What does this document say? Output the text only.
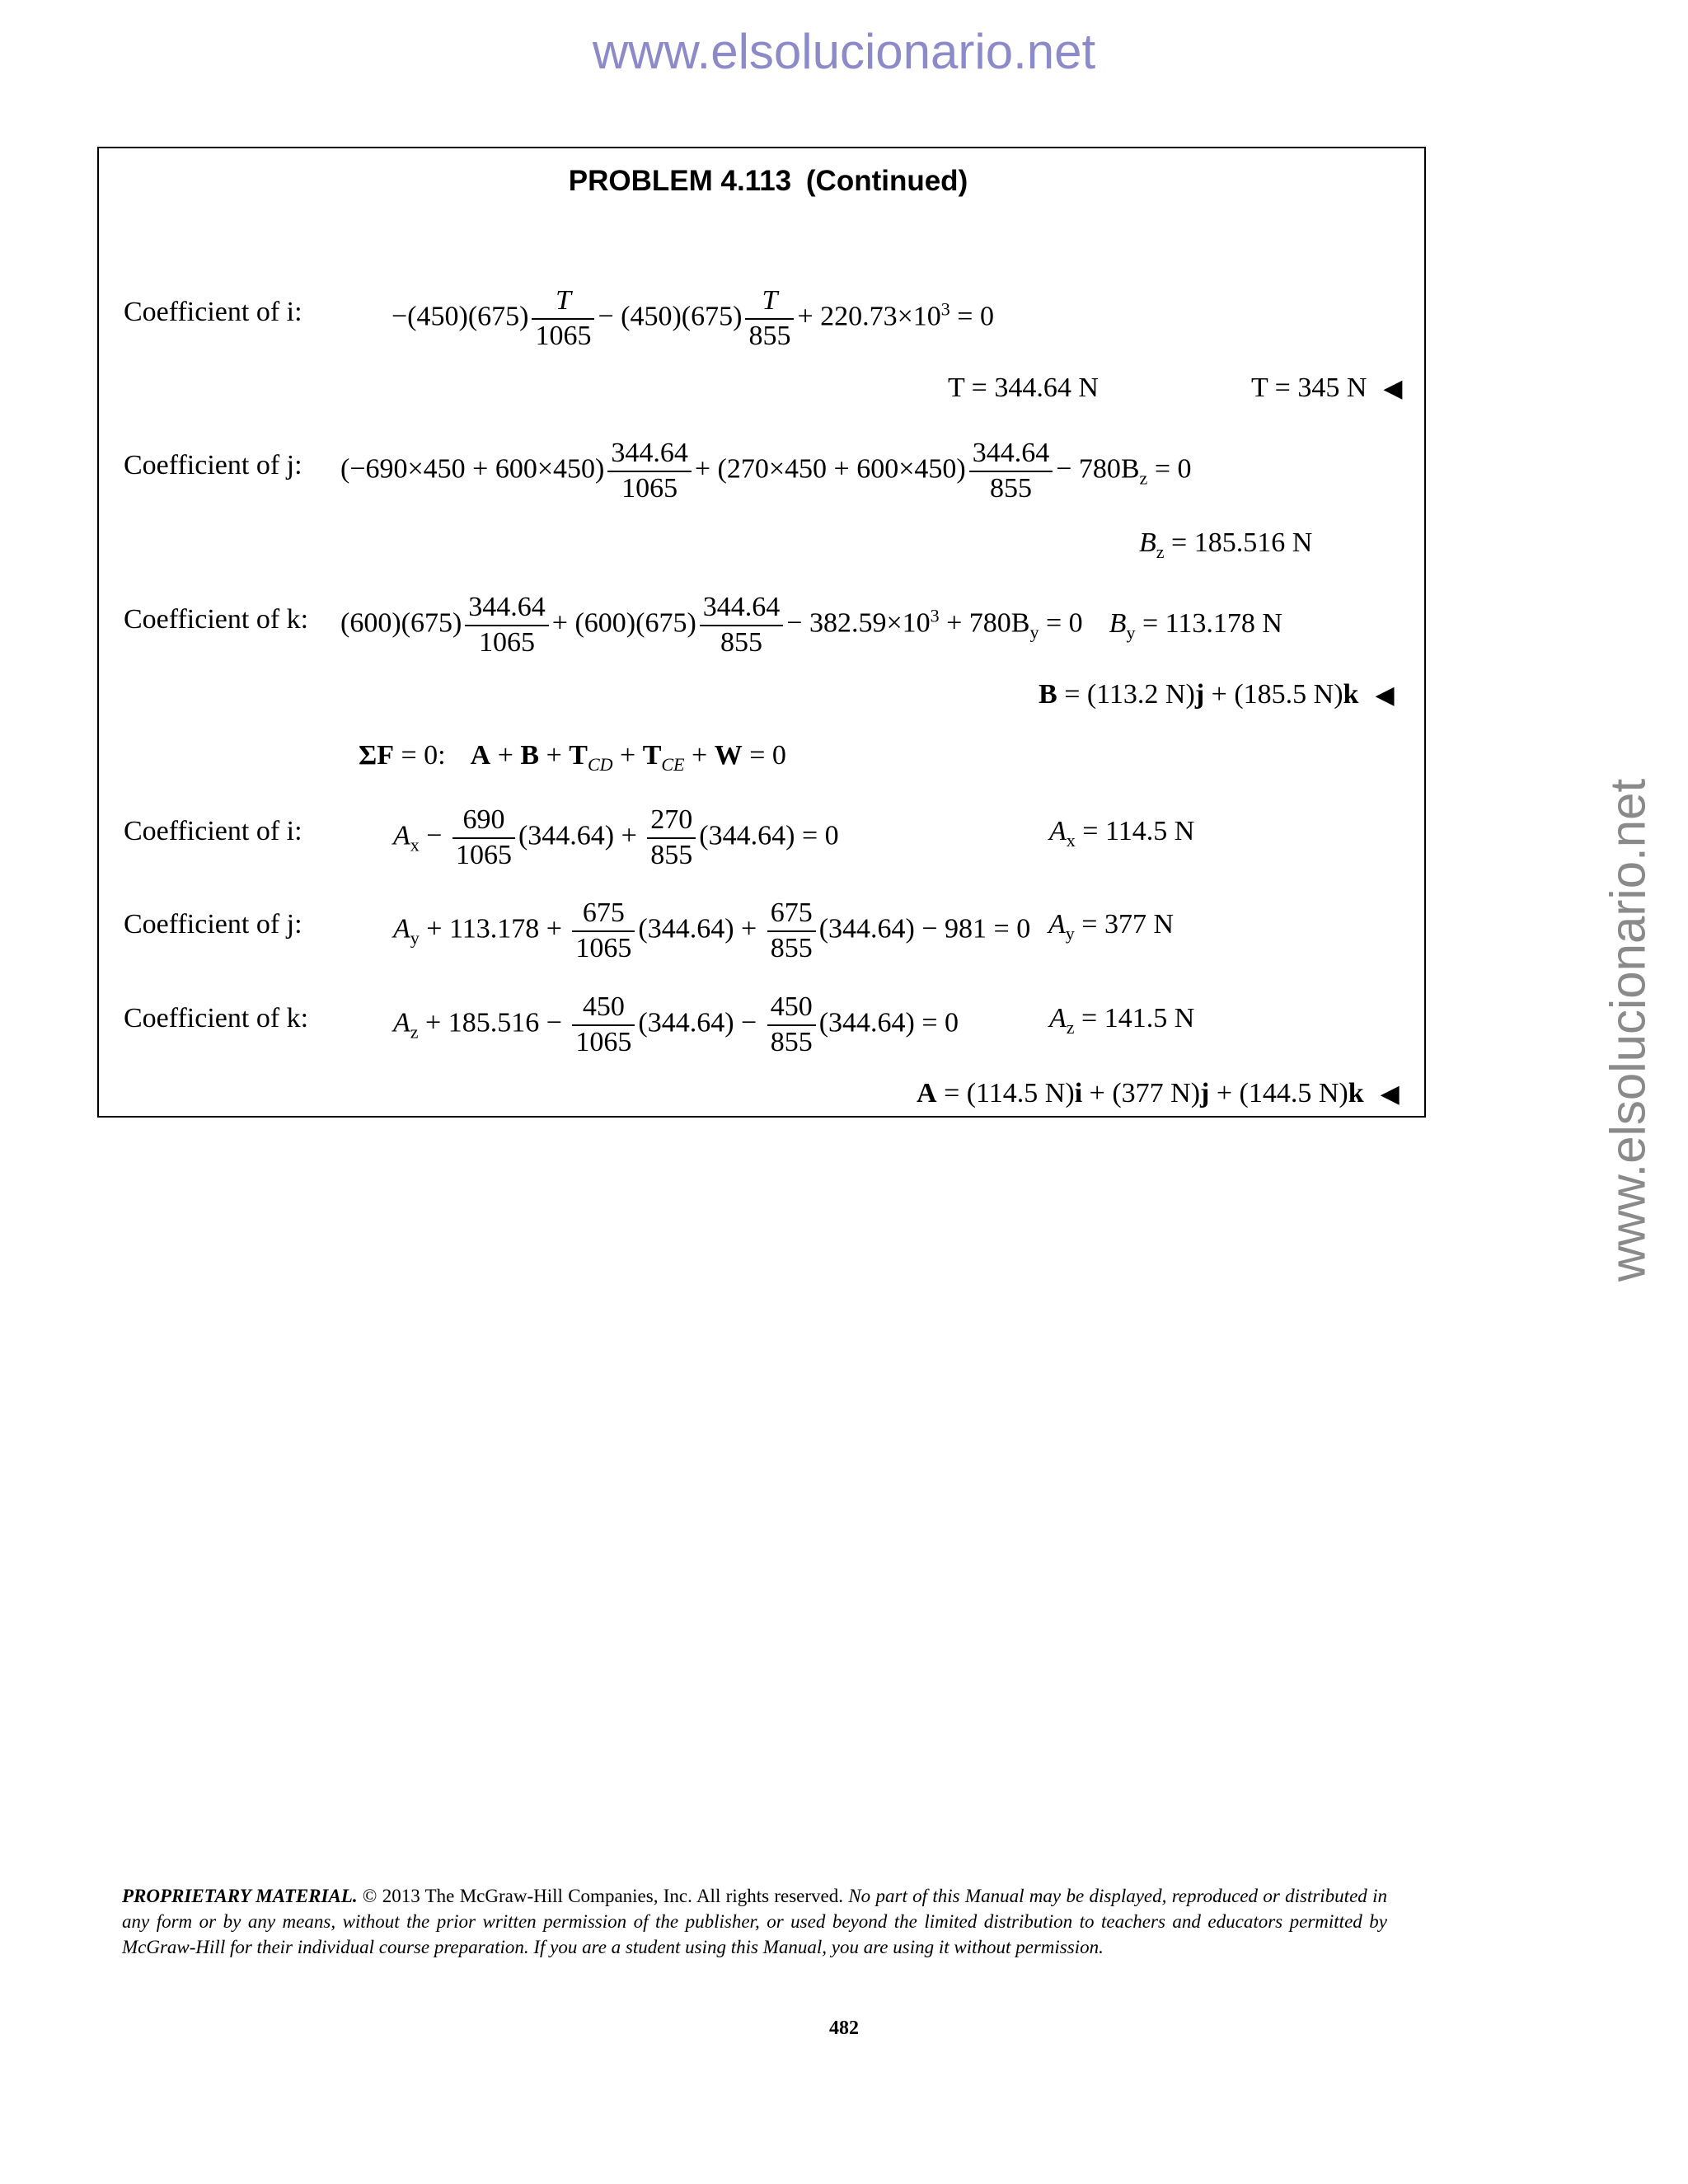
www.elsolucionario.net
www.elsolucionario.net
PROBLEM 4.113 (Continued)
Coefficient of i:	$-(450)(675) \frac{T}{1065} - (450)(675) \frac{T}{855} + 220.73\times 10^3 = 0$
T = 344.64 N	T = 345 N ◀
Coefficient of j: $(-690\times 450 + 600\times 450) \frac{344.64}{1065} + (270\times 450 + 600\times 450) \frac{344.64}{855} - 780B_z = 0$
$B_z = 185.516$ N
Coefficient of k: $(600)(675) \frac{344.64}{1065} + (600)(675) \frac{344.64}{855} - 382.59\times 10^3 + 780B_y = 0$ $B_y = 113.178$ N
B = (113.2 N)j + (185.5 N)k ◀
ΣF = 0: $A + B + T_{CD} + T_{CE} + W = 0$
Coefficient of i:	$A_x - \frac{690}{1065} (344.64) + \frac{270}{855} (344.64) = 0$	$A_x = 114.5$ N
Coefficient of j:	$A_y + 113.178 + \frac{675}{1065} (344.64) + \frac{675}{855} (344.64) - 981 = 0$ $A_y = 377$ N
Coefficient of k:	$A_z + 185.516 - \frac{450}{1065} (344.64) - \frac{450}{855} (344.64) = 0$	$A_z = 141.5$ N
A = (114.5 N)i + (377 N)j + (144.5 N)k ◀
PROPRIETARY MATERIAL. © 2013 The McGraw-Hill Companies, Inc. All rights reserved. No part of this Manual may be displayed, reproduced or distributed in any form or by any means, without the prior written permission of the publisher, or used beyond the limited distribution to teachers and educators permitted by McGraw-Hill for their individual course preparation. If you are a student using this Manual, you are using it without permission.
482
